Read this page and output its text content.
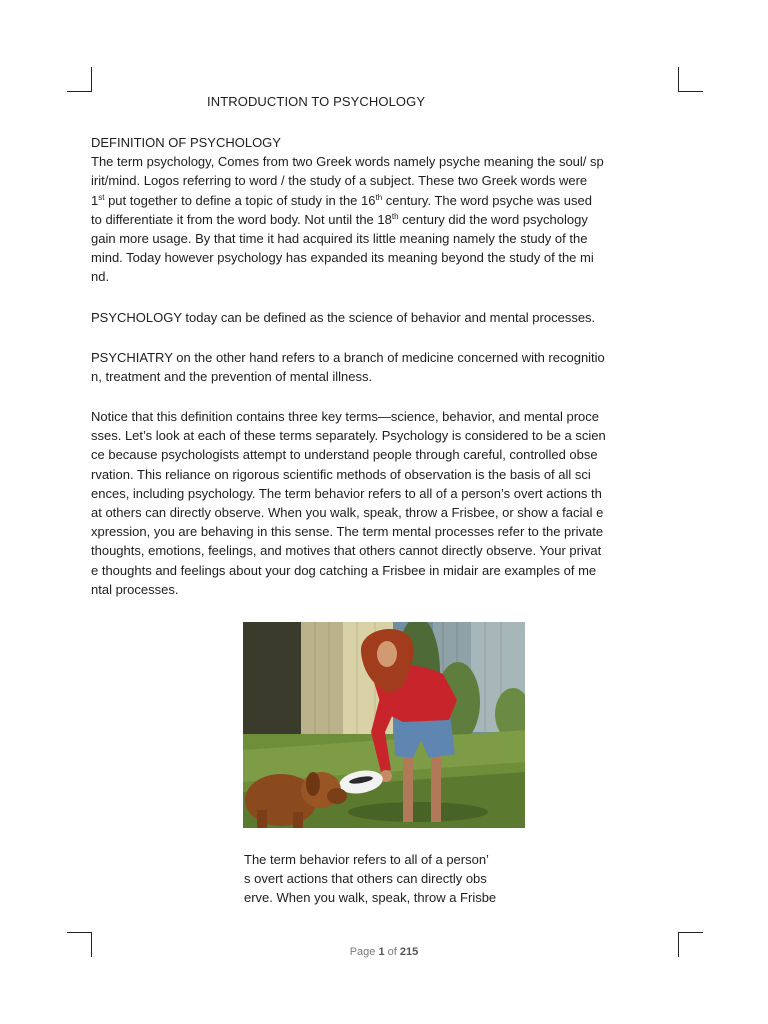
INTRODUCTION TO PSYCHOLOGY
DEFINITION OF PSYCHOLOGY
The term psychology, Comes from two Greek words namely psyche meaning the soul/ sp
irit/mind. Logos referring to word / the study of a subject. These two Greek words were
1st put together to define a topic of study in the 16th century. The word psyche was used
to differentiate it from the word body. Not until the 18th century did the word psychology
gain more usage. By that time it had acquired its little meaning namely the study of the
mind. Today however psychology has expanded its meaning beyond the study of the mi
nd.
PSYCHOLOGY today can be defined as the science of behavior and mental processes.
PSYCHIATRY on the other hand refers to a branch of medicine concerned with recognitio
n, treatment and the prevention of mental illness.
Notice that this definition contains three key terms—science, behavior, and mental proce
sses. Let’s look at each of these terms separately. Psychology is considered to be a scien
ce because psychologists attempt to understand people through careful, controlled obse
rvation. This reliance on rigorous scientific methods of observation is the basis of all sci
ences, including psychology. The term behavior refers to all of a person’s overt actions th
at others can directly observe. When you walk, speak, throw a Frisbee, or show a facial e
xpression, you are behaving in this sense. The term mental processes refer to the private
thoughts, emotions, feelings, and motives that others cannot directly observe. Your privat
e thoughts and feelings about your dog catching a Frisbee in midair are examples of me
ntal processes.
The term behavior refers to all of a person’
s overt actions that others can directly obs
erve. When you walk, speak, throw a Frisbe
Page 1 of 215
